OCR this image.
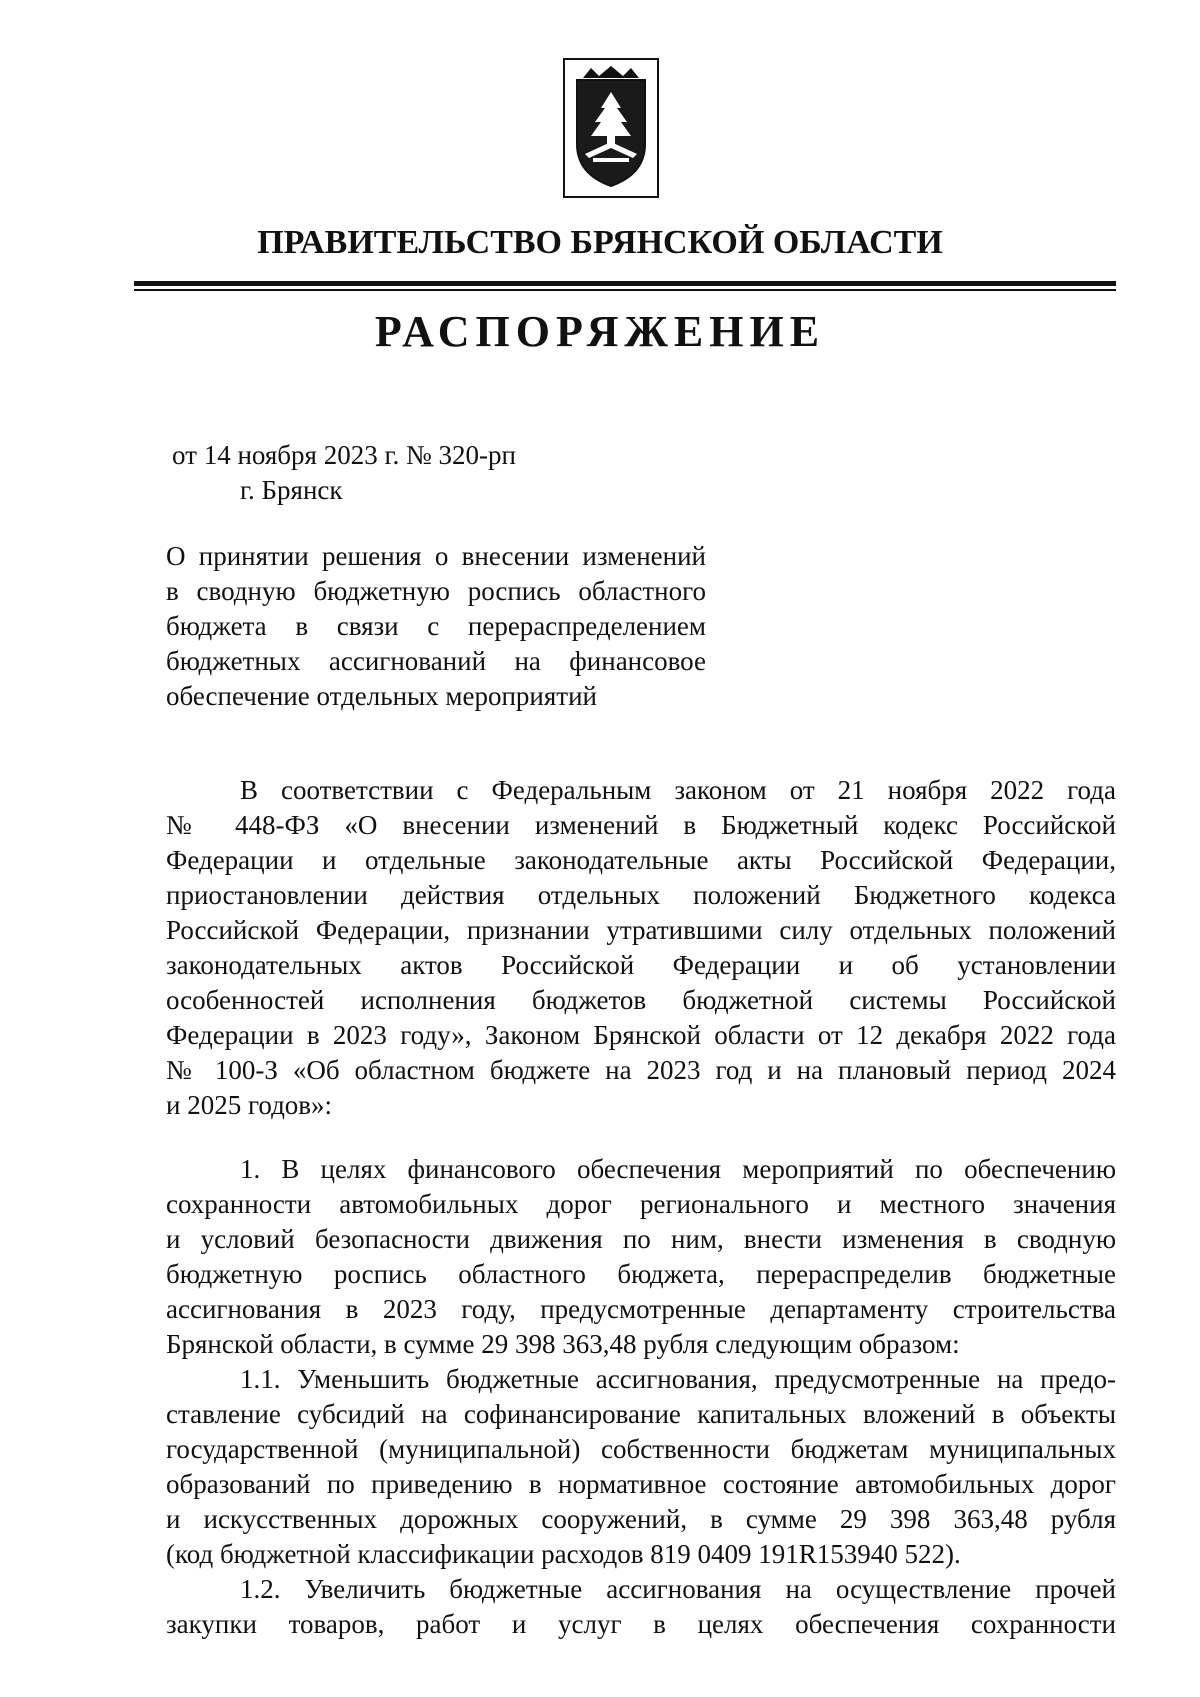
ПРАВИТЕЛЬСТВО БРЯНСКОЙ ОБЛАСТИ
РАСПОРЯЖЕНИЕ
от 14 ноября 2023 г. № 320-рп
г. Брянск
О принятии решения о внесении изменений
в сводную бюджетную роспись областного
бюджета в связи с перераспределением
бюджетных ассигнований на финансовое
обеспечение отдельных мероприятий
В соответствии с Федеральным законом от 21 ноября 2022 года
№ 448-ФЗ «О внесении изменений в Бюджетный кодекс Российской
Федерации и отдельные законодательные акты Российской Федерации,
приостановлении действия отдельных положений Бюджетного кодекса
Российской Федерации, признании утратившими силу отдельных положений
законодательных актов Российской Федерации и об установлении
особенностей исполнения бюджетов бюджетной системы Российской
Федерации в 2023 году», Законом Брянской области от 12 декабря 2022 года
№ 100-З «Об областном бюджете на 2023 год и на плановый период 2024
и 2025 годов»:
1. В целях финансового обеспечения мероприятий по обеспечению
сохранности автомобильных дорог регионального и местного значения
и условий безопасности движения по ним, внести изменения в сводную
бюджетную роспись областного бюджета, перераспределив бюджетные
ассигнования в 2023 году, предусмотренные департаменту строительства
Брянской области, в сумме 29 398 363,48 рубля следующим образом:
1.1. Уменьшить бюджетные ассигнования, предусмотренные на предо-
ставление субсидий на софинансирование капитальных вложений в объекты
государственной (муниципальной) собственности бюджетам муниципальных
образований по приведению в нормативное состояние автомобильных дорог
и искусственных дорожных сооружений, в сумме 29 398 363,48 рубля
(код бюджетной классификации расходов 819 0409 191R153940 522).
1.2. Увеличить бюджетные ассигнования на осуществление прочей
закупки товаров, работ и услуг в целях обеспечения сохранности
